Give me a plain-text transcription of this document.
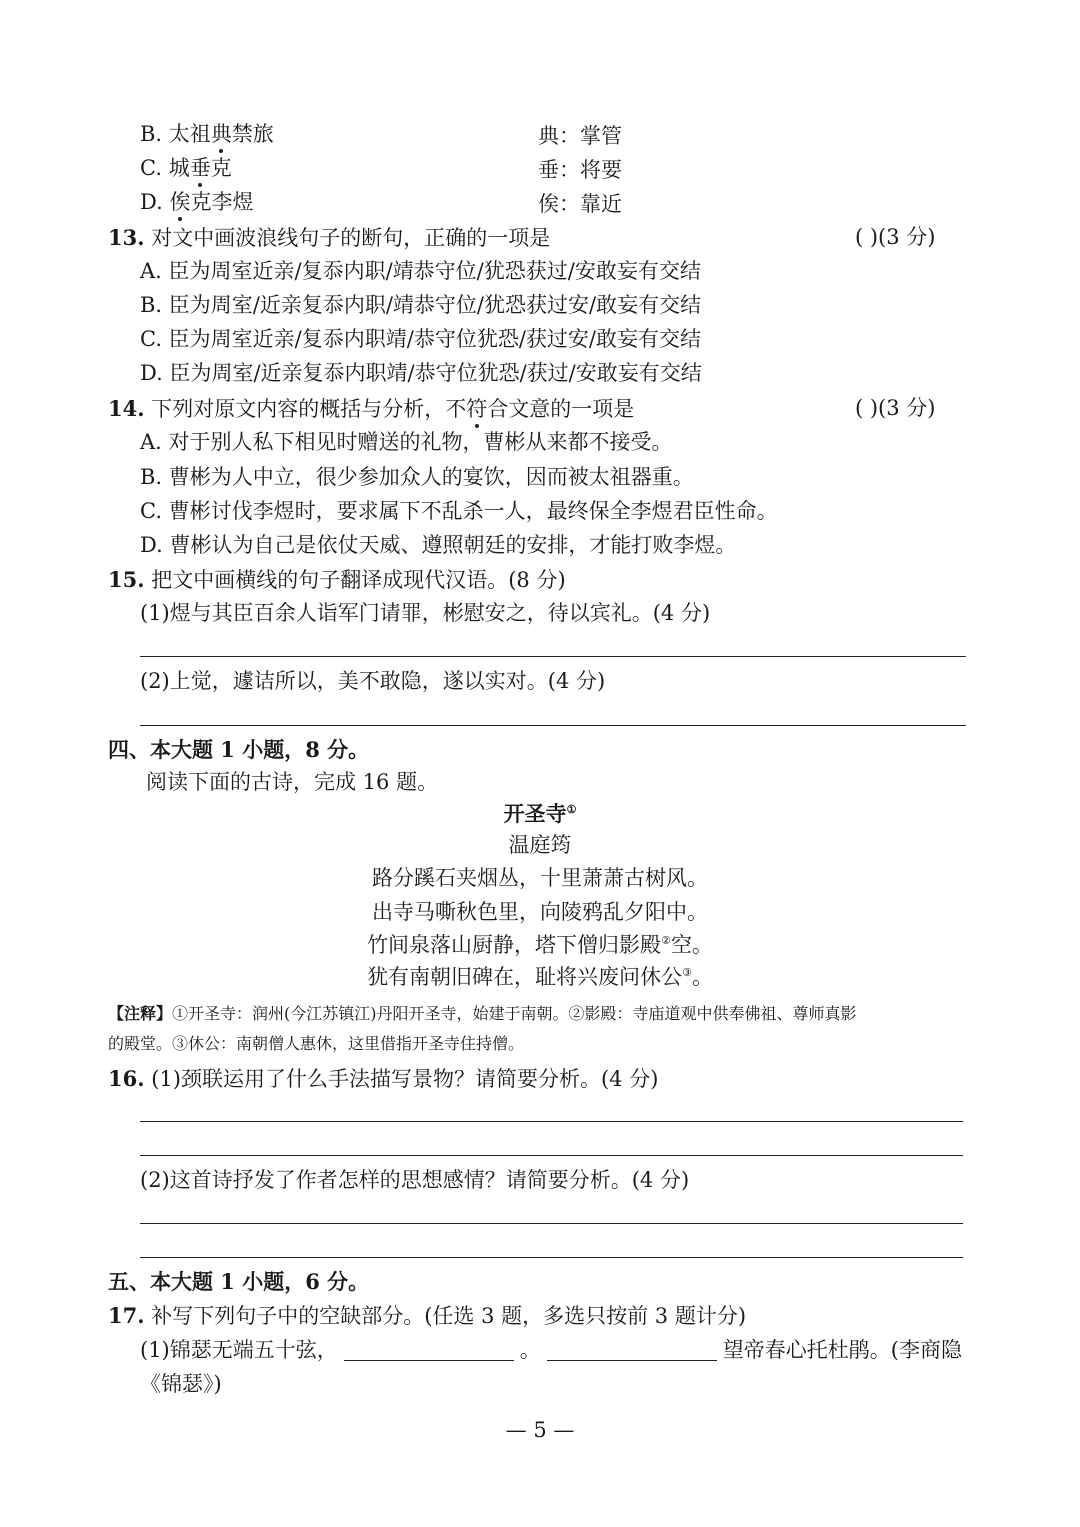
B. 太祖典禁旅	典：掌管
C. 城垂克	垂：将要
D. 俟克李煜	俟：靠近
13. 对文中画波浪线句子的断句，正确的一项是	( )(3 分)
A. 臣为周室近亲/复忝内职/靖恭守位/犹恐获过/安敢妄有交结
B. 臣为周室/近亲复忝内职/靖恭守位/犹恐获过安/敢妄有交结
C. 臣为周室近亲/复忝内职靖/恭守位犹恐/获过安/敢妄有交结
D. 臣为周室/近亲复忝内职靖/恭守位犹恐/获过/安敢妄有交结
14. 下列对原文内容的概括与分析，不符合文意的一项是	( )(3 分)
A. 对于别人私下相见时赠送的礼物，曹彬从来都不接受。
B. 曹彬为人中立，很少参加众人的宴饮，因而被太祖器重。
C. 曹彬讨伐李煜时，要求属下不乱杀一人，最终保全李煜君臣性命。
D. 曹彬认为自己是依仗天威、遵照朝廷的安排，才能打败李煜。
15. 把文中画横线的句子翻译成现代汉语。(8 分)
(1)煜与其臣百余人诣军门请罪，彬慰安之，待以宾礼。(4 分)
(2)上觉，遽诘所以，美不敢隐，遂以实对。(4 分)
四、本大题 1 小题，8 分。
阅读下面的古诗，完成 16 题。
开圣寺①
温庭筠
路分蹊石夹烟丛，十里萧萧古树风。
出寺马嘶秋色里，向陵鸦乱夕阳中。
竹间泉落山厨静，塔下僧归影殿②空。
犹有南朝旧碑在，耻将兴废问休公③。
【注释】①开圣寺：润州(今江苏镇江)丹阳开圣寺，始建于南朝。②影殿：寺庙道观中供奉佛祖、尊师真影
的殿堂。③休公：南朝僧人惠休，这里借指开圣寺住持僧。
16. (1)颈联运用了什么手法描写景物？请简要分析。(4 分)
(2)这首诗抒发了作者怎样的思想感情？请简要分析。(4 分)
五、本大题 1 小题，6 分。
17. 补写下列句子中的空缺部分。(任选 3 题，多选只按前 3 题计分)
(1)锦瑟无端五十弦，	。	望帝春心托杜鹃。(李商隐
《锦瑟》)
— 5 —
